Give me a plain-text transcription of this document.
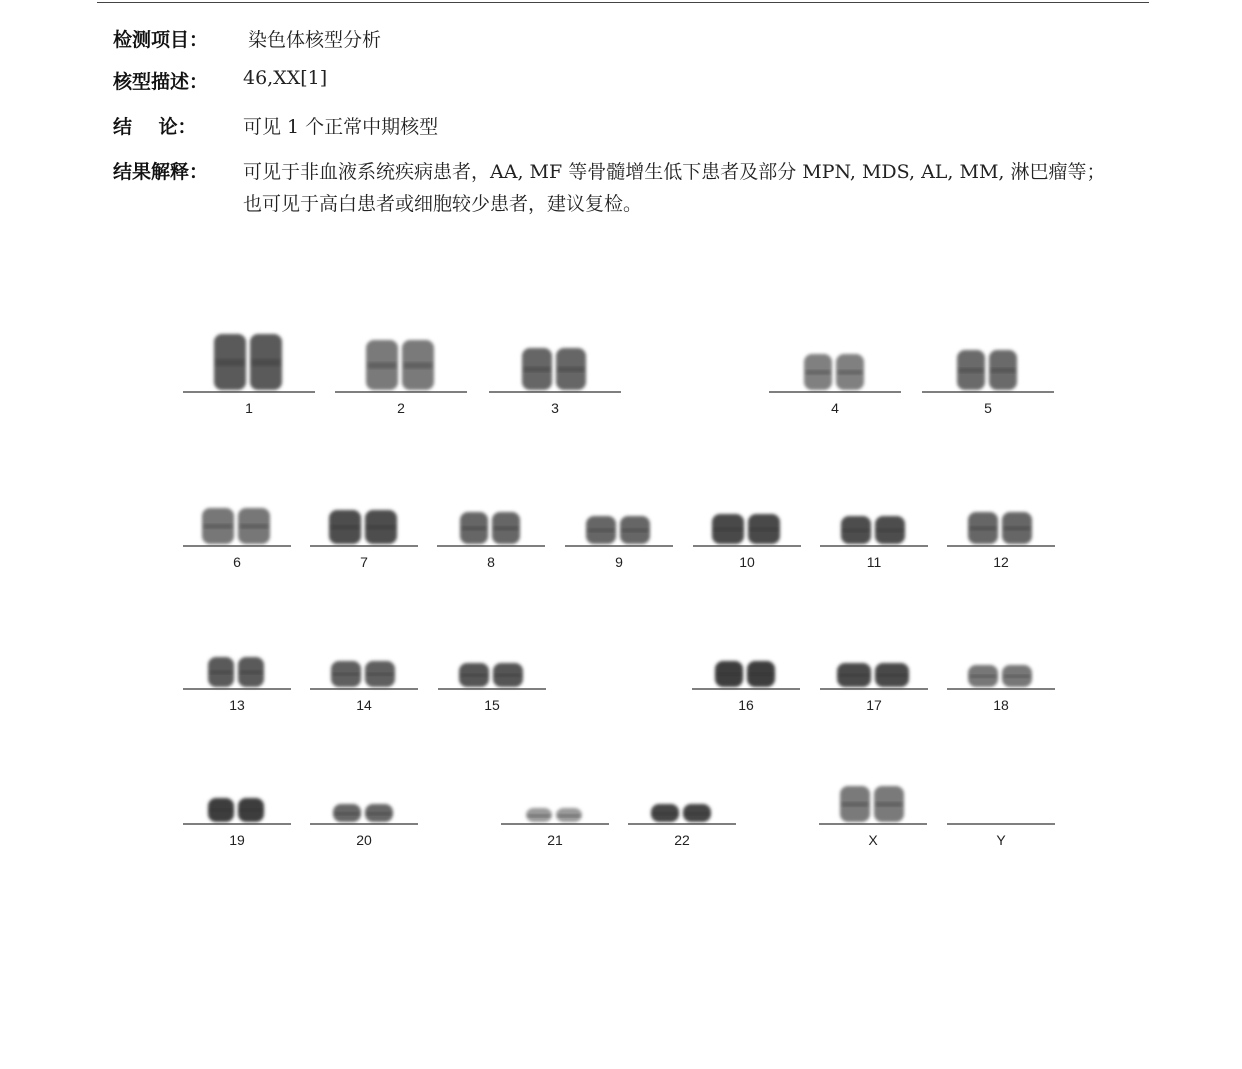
检测项目： 染色体核型分析
核型描述： 46,XX[1]
结    论： 可见 1 个正常中期核型
结果解释： 可见于非血液系统疾病患者，AA, MF 等骨髓增生低下患者及部分 MPN, MDS, AL, MM, 淋巴瘤等；
也可见于高白患者或细胞较少患者，建议复检。
1	2	3	4	5
6	7	8	9	10	11	12
13	14	15	16	17	18
19	20	21	22	X	Y
